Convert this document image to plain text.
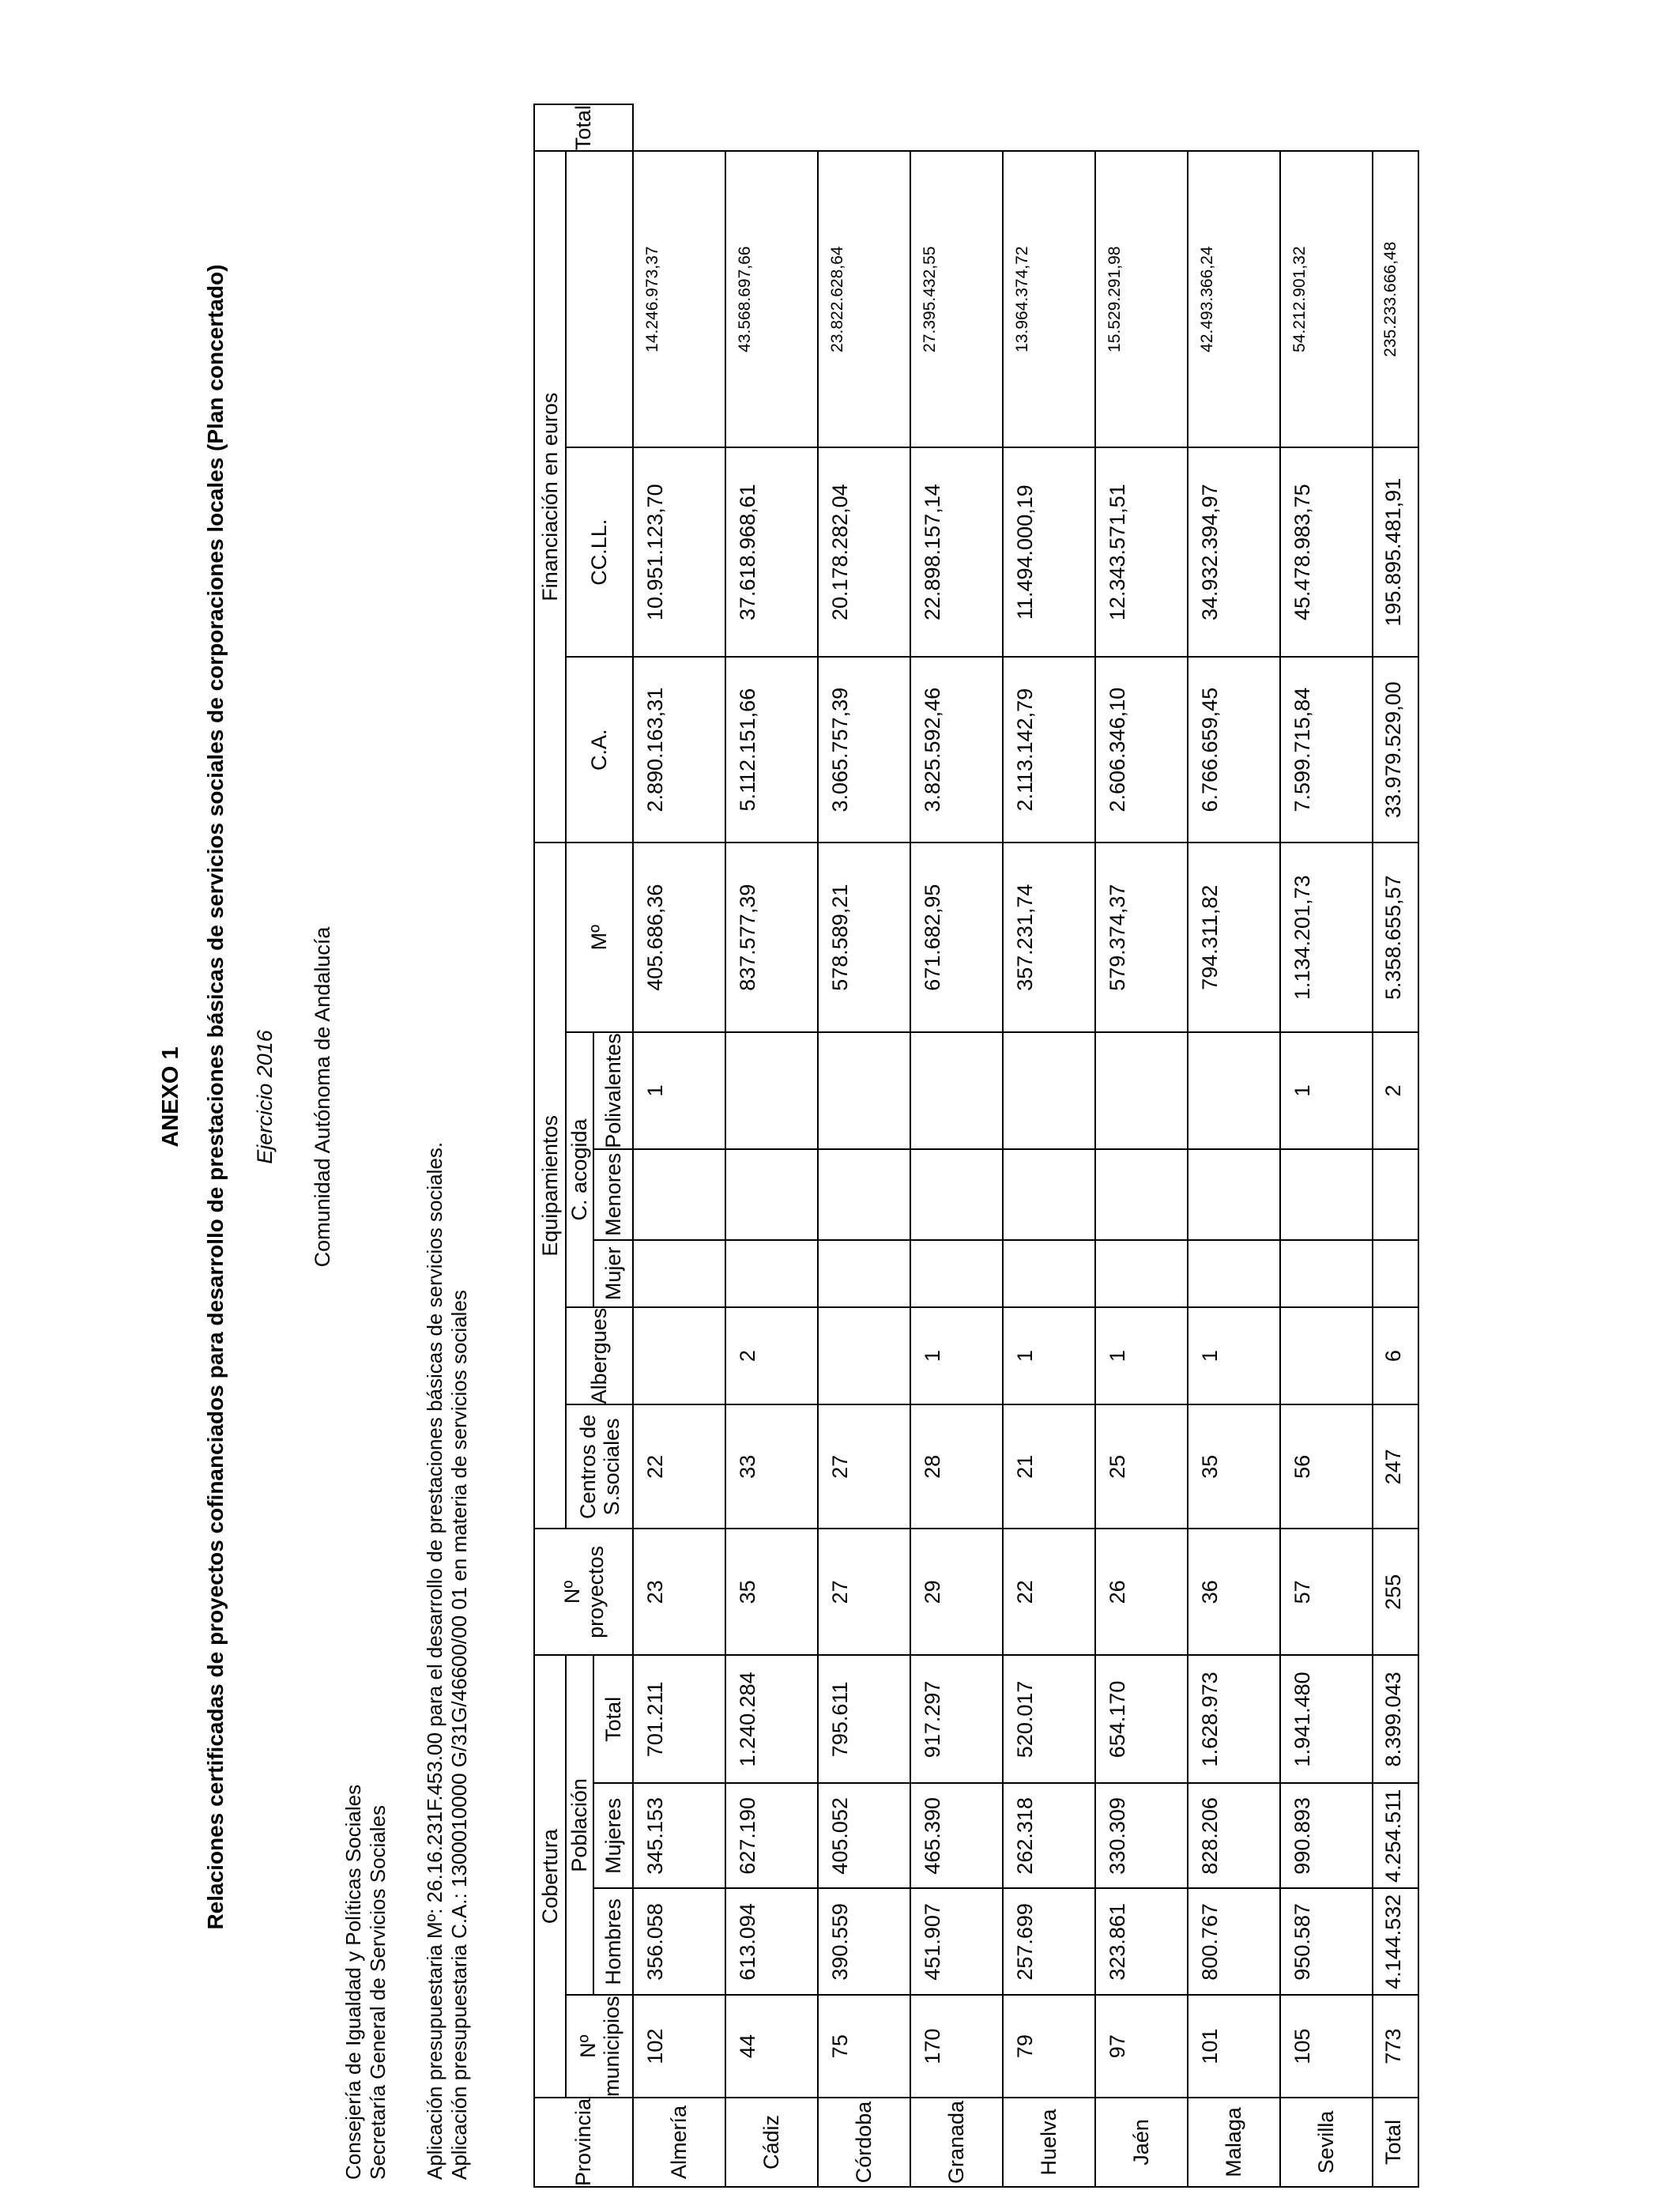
ANEXO 1 Relaciones certificadas de proyectos cofinanciados para desarrollo de prestaciones básicas de servicios sociales de corporaciones locales (Plan concertado) Ejercicio 2016 Comunidad Autónoma de Andalucía
Consejería de Igualdad y Políticas Sociales Secretaría General de Servicios Sociales Aplicación presupuestaria Mº: 26.16.231F.453.00 para el desarrollo de prestaciones básicas de servicios sociales. Aplicación presupuestaria C.A.: 1300010000 G/31G/46600/00 01 en materia de servicios sociales	Provincia	Cobertura				Nº
proyectos	Equipamientos						Financiación en euros			Total
	Nº
municipios	Población				Centros de
S.sociales	Albergues	C. acogida			Mº	C.A.	CC.LL.		
		Hombres	Mujeres	Total				Mujer	Menores	Polivalentes					
Almería	102	356.058	345.153	701.211	23	22				1	405.686,36	2.890.163,31	10.951.123,70	14.246.973,37	
Cádiz	44	613.094	627.190	1.240.284	35	33	2				837.577,39	5.112.151,66	37.618.968,61	43.568.697,66	
Córdoba	75	390.559	405.052	795.611	27	27					578.589,21	3.065.757,39	20.178.282,04	23.822.628,64	
Granada	170	451.907	465.390	917.297	29	28	1				671.682,95	3.825.592,46	22.898.157,14	27.395.432,55	
Huelva	79	257.699	262.318	520.017	22	21	1				357.231,74	2.113.142,79	11.494.000,19	13.964.374,72	
Jaén	97	323.861	330.309	654.170	26	25	1				579.374,37	2.606.346,10	12.343.571,51	15.529.291,98	
Malaga	101	800.767	828.206	1.628.973	36	35	1				794.311,82	6.766.659,45	34.932.394,97	42.493.366,24	
Sevilla	105	950.587	990.893	1.941.480	57	56				1	1.134.201,73	7.599.715,84	45.478.983,75	54.212.901,32	
Total	773	4.144.532	4.254.511	8.399.043	255	247	6			2	5.358.655,57	33.979.529,00	195.895.481,91	235.233.666,48	
